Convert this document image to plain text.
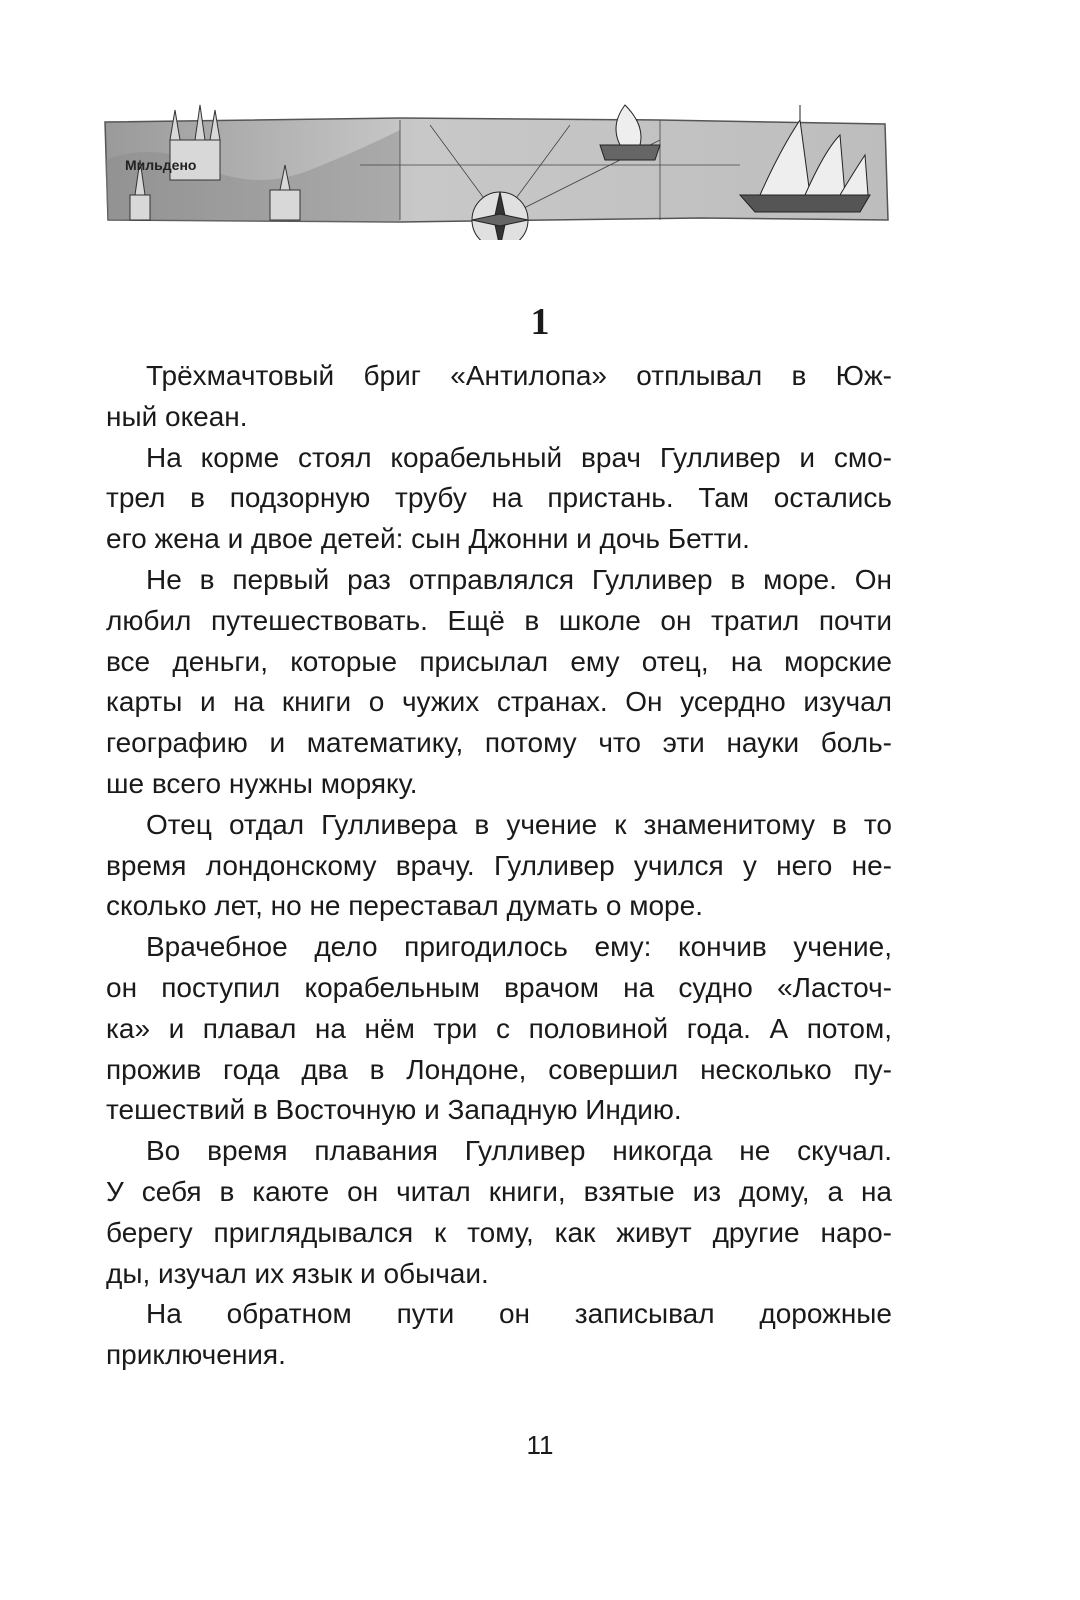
Мильдено
1
Трёхмачтовый бриг «Антилопа» отплывал в Юж-
ный океан.
На корме стоял корабельный врач Гулливер и смо-
трел в подзорную трубу на пристань. Там остались
его жена и двое детей: сын Джонни и дочь Бетти.
Не в первый раз отправлялся Гулливер в море. Он
любил путешествовать. Ещё в школе он тратил почти
все деньги, которые присылал ему отец, на морские
карты и на книги о чужих странах. Он усердно изучал
географию и математику, потому что эти науки боль-
ше всего нужны моряку.
Отец отдал Гулливера в учение к знаменитому в то
время лондонскому врачу. Гулливер учился у него не-
сколько лет, но не переставал думать о море.
Врачебное дело пригодилось ему: кончив учение,
он поступил корабельным врачом на судно «Ласточ-
ка» и плавал на нём три с половиной года. А потом,
прожив года два в Лондоне, совершил несколько пу-
тешествий в Восточную и Западную Индию.
Во время плавания Гулливер никогда не скучал.
У себя в каюте он читал книги, взятые из дому, а на
берегу приглядывался к тому, как живут другие наро-
ды, изучал их язык и обычаи.
На обратном пути он записывал дорожные
приключения.
11
